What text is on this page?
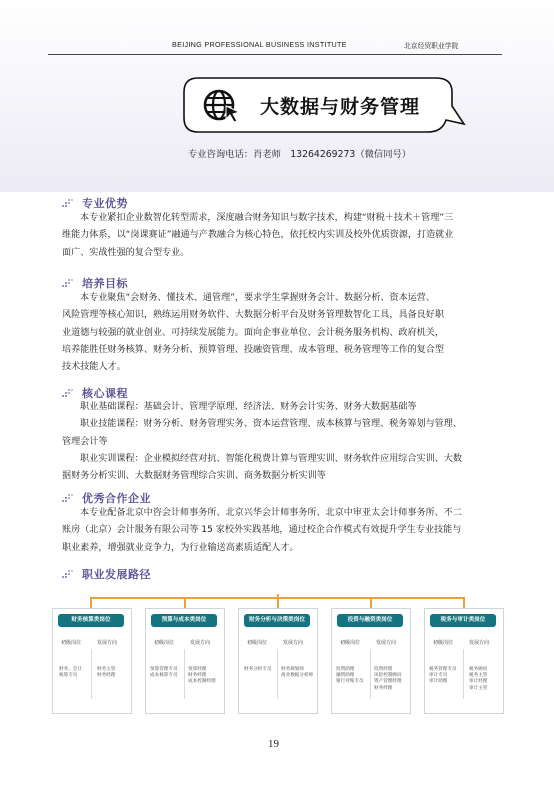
BEIJING PROFESSIONAL BUSINESS INSTITUTE	北京经贸职业学院
大数据与财务管理
专业咨询电话：肖老师　13264269273（微信同号）
专业优势
本专业紧扣企业数智化转型需求，深度融合财务知识与数字技术，构建“财税＋技术＋管理”三
维能力体系，以“岗课赛证”融通与产教融合为核心特色，依托校内实训及校外优质资源，打造就业
面广、实战性强的复合型专业。
培养目标
本专业聚焦“会财务、懂技术、通管理”，要求学生掌握财务会计、数据分析、资本运营、
风险管理等核心知识，熟练运用财务软件、大数据分析平台及财务管理数智化工具，具备良好职
业道德与较强的就业创业、可持续发展能力。面向企事业单位、会计税务服务机构、政府机关，
培养能胜任财务核算、财务分析、预算管理、投融资管理、成本管理、税务管理等工作的复合型
技术技能人才。
核心课程
职业基础课程：基础会计、管理学原理、经济法、财务会计实务、财务大数据基础等
职业技能课程：财务分析、财务管理实务、资本运营管理、成本核算与管理、税务筹划与管理、
管理会计等
职业实训课程：企业模拟经营对抗、智能化税费计算与管理实训、财务软件应用综合实训、大数
据财务分析实训、大数据财务管理综合实训、商务数据分析实训等
优秀合作企业
本专业配备北京中咨会计师事务所、北京兴华会计师事务所、北京中审亚太会计师事务所、不二
账房（北京）会计服务有限公司等 15 家校外实践基地，通过校企合作模式有效提升学生专业技能与
职业素养，增强就业竞争力，为行业输送高素质适配人才。
职业发展路径
财务核算类岗位
初级岗位	发展方向
财务、会计
核算专员
财务主管
财务经理
预算与成本类岗位
初级岗位	发展方向
预算管理专员
成本核算专员
预算经理
财务经理
成本控制经理
财务分析与决策类岗位
初级岗位	发展方向
财务分析专员 财务规划师
商业数据分析师
投资与融资类岗位
初级岗位	发展方向
投资助理
融资助理
银行对账专员
投资经理
风险控制顾问
资产管理经理
财务经理
税务与审计类岗位
初级岗位	发展方向
税务管理专员
审计专员
审计助理
税务顾问
税务主管
审计经理
审计主管
19
